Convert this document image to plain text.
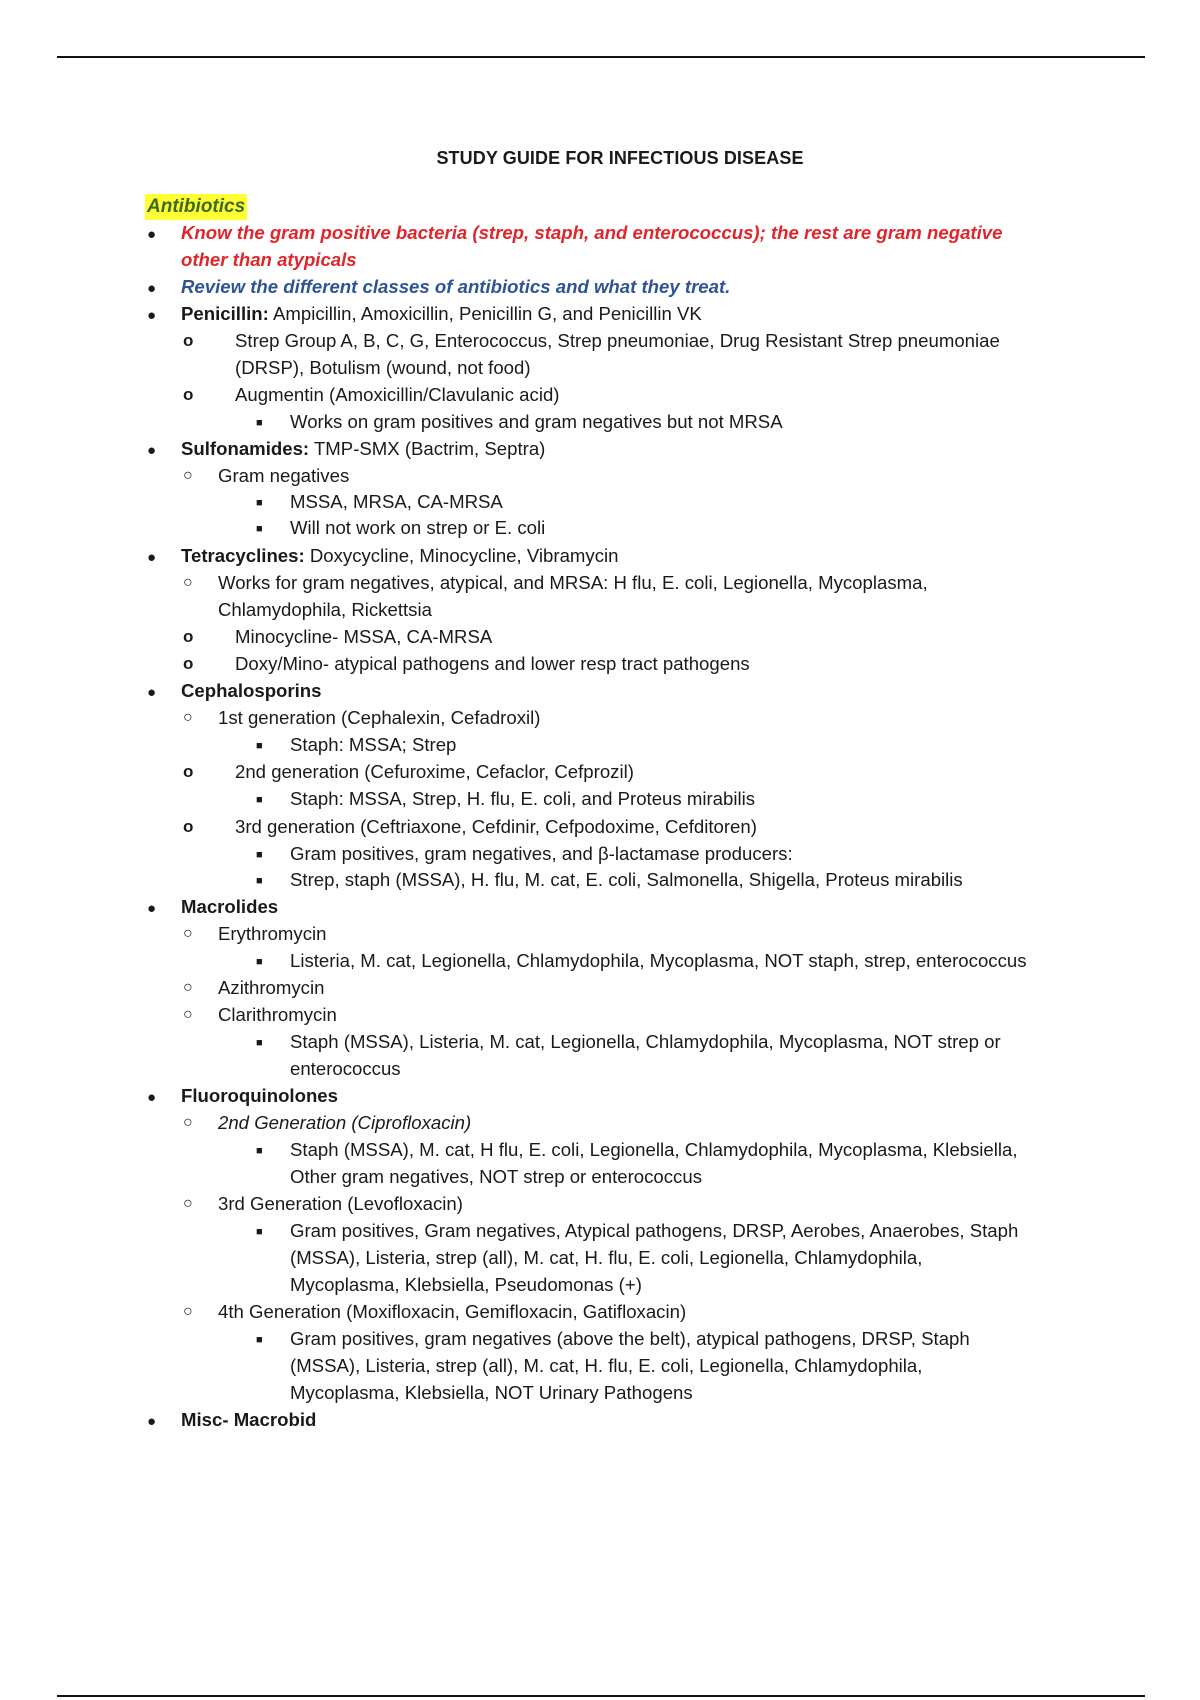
STUDY GUIDE FOR INFECTIOUS DISEASE
Antibiotics
● Know the gram positive bacteria (strep, staph, and enterococcus); the rest are gram negative
other than atypicals
● Review the different classes of antibiotics and what they treat.
● Penicillin: Ampicillin, Amoxicillin, Penicillin G, and Penicillin VK
o Strep Group A, B, C, G, Enterococcus, Strep pneumoniae, Drug Resistant Strep pneumoniae
(DRSP), Botulism (wound, not food)
o Augmentin (Amoxicillin/Clavulanic acid)
■ Works on gram positives and gram negatives but not MRSA
● Sulfonamides: TMP-SMX (Bactrim, Septra)
○ Gram negatives
■ MSSA, MRSA, CA-MRSA
■ Will not work on strep or E. coli
● Tetracyclines: Doxycycline, Minocycline, Vibramycin
○ Works for gram negatives, atypical, and MRSA: H flu, E. coli, Legionella, Mycoplasma,
Chlamydophila, Rickettsia
o Minocycline- MSSA, CA-MRSA
o Doxy/Mino- atypical pathogens and lower resp tract pathogens
● Cephalosporins
○ 1st generation (Cephalexin, Cefadroxil)
■ Staph: MSSA; Strep
o 2nd generation (Cefuroxime, Cefaclor, Cefprozil)
■ Staph: MSSA, Strep, H. flu, E. coli, and Proteus mirabilis
o 3rd generation (Ceftriaxone, Cefdinir, Cefpodoxime, Cefditoren)
■ Gram positives, gram negatives, and β-lactamase producers:
■ Strep, staph (MSSA), H. flu, M. cat, E. coli, Salmonella, Shigella, Proteus mirabilis
● Macrolides
○ Erythromycin
■ Listeria, M. cat, Legionella, Chlamydophila, Mycoplasma, NOT staph, strep, enterococcus
○ Azithromycin
○ Clarithromycin
■ Staph (MSSA), Listeria, M. cat, Legionella, Chlamydophila, Mycoplasma, NOT strep or
enterococcus
● Fluoroquinolones
○ 2nd Generation (Ciprofloxacin)
■ Staph (MSSA), M. cat, H flu, E. coli, Legionella, Chlamydophila, Mycoplasma, Klebsiella,
Other gram negatives, NOT strep or enterococcus
○ 3rd Generation (Levofloxacin)
■ Gram positives, Gram negatives, Atypical pathogens, DRSP, Aerobes, Anaerobes, Staph
(MSSA), Listeria, strep (all), M. cat, H. flu, E. coli, Legionella, Chlamydophila,
Mycoplasma, Klebsiella, Pseudomonas (+)
○ 4th Generation (Moxifloxacin, Gemifloxacin, Gatifloxacin)
■ Gram positives, gram negatives (above the belt), atypical pathogens, DRSP, Staph
(MSSA), Listeria, strep (all), M. cat, H. flu, E. coli, Legionella, Chlamydophila,
Mycoplasma, Klebsiella, NOT Urinary Pathogens
● Misc- Macrobid
